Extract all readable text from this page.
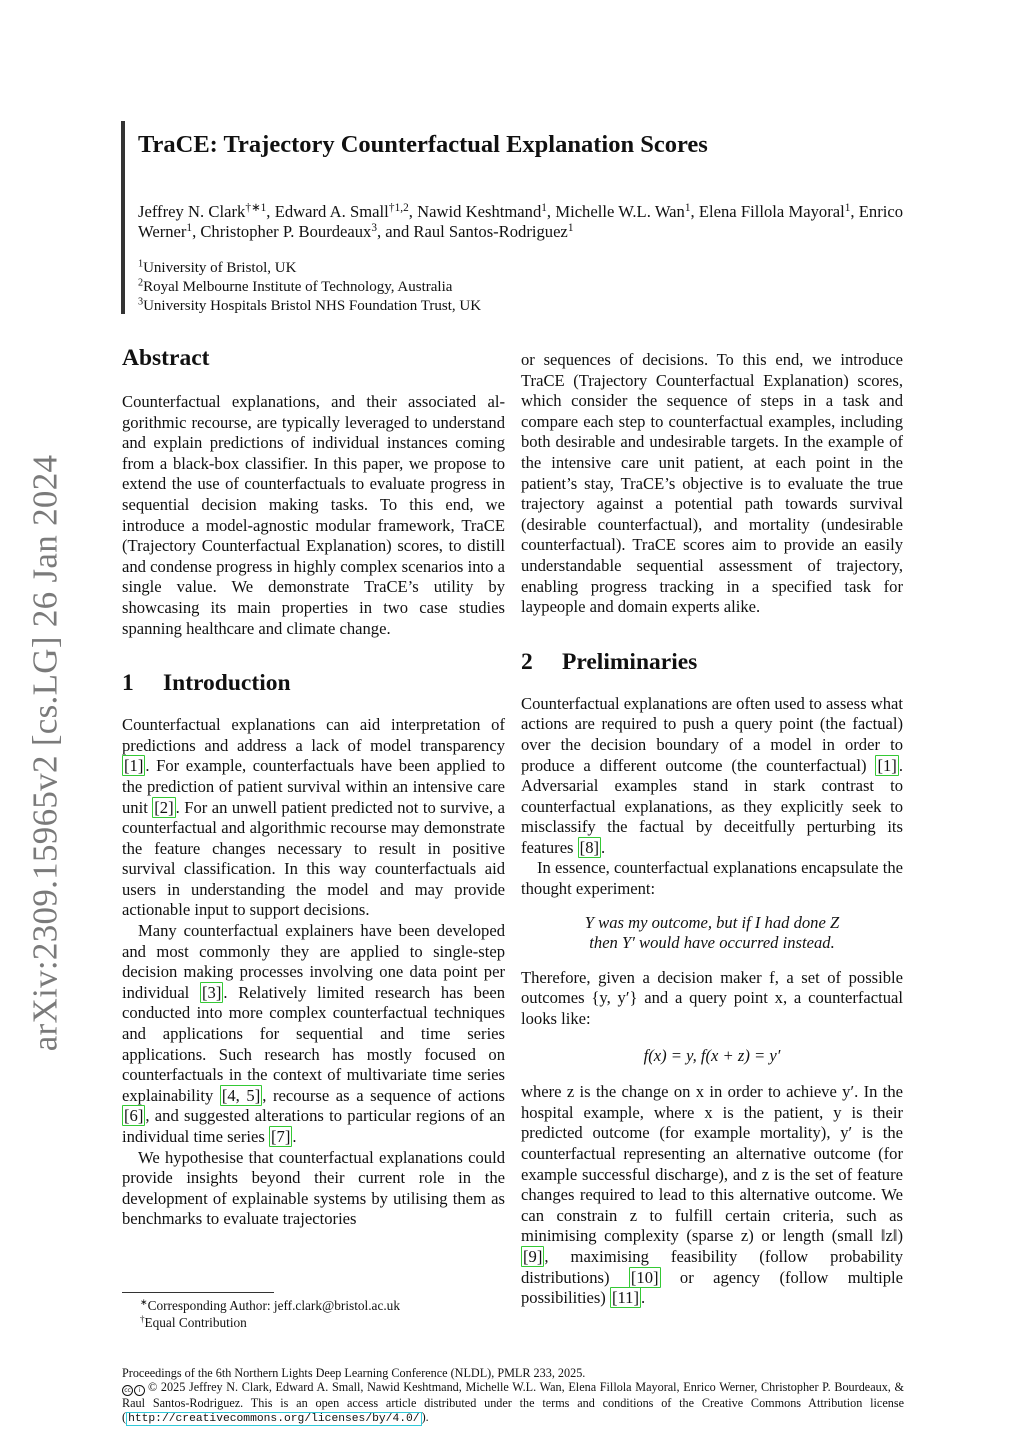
arXiv:2309.15965v2 [cs.LG] 26 Jan 2024
TraCE: Trajectory Counterfactual Explanation Scores

Jeffrey N. Clark$^{\dagger∗1}$, Edward A. Small$^{\dagger 1,2}$, Nawid Keshtmand$^1$, Michelle W.L. Wan$^1$, Elena Fillola Mayoral$^1$, Enrico Werner$^1$, Christopher P. Bourdeaux$^3$, and Raul Santos-Rodriguez$^1$

$^1$University of Bristol, UK
$^2$Royal Melbourne Institute of Technology, Australia
$^3$University Hospitals Bristol NHS Foundation Trust, UK
Abstract

Counterfactual explanations, and their associated algorithmic recourse, are typically leveraged to understand and explain predictions of individual instances coming from a black-box classifier. In this paper, we propose to extend the use of counterfactuals to evaluate progress in sequential decision making tasks. To this end, we introduce a model-agnostic modular framework, TraCE (Trajectory Counterfactual Explanation) scores, to distill and condense progress in highly complex scenarios into a single value. We demonstrate TraCE’s utility by showcasing its main properties in two case studies spanning healthcare and climate change.

1 Introduction

Counterfactual explanations can aid interpretation of predictions and address a lack of model transparency [1] . For example, counterfactuals have been applied to the prediction of patient survival within an intensive care unit [2] . For an unwell patient predicted not to survive, a counterfactual and algorithmic recourse may demonstrate the feature changes necessary to result in positive survival classification. In this way counterfactuals aid users in understanding the model and may provide actionable input to support decisions.

Many counterfactual explainers have been developed and most commonly they are applied to single-step decision making processes involving one data point per individual [3] . Relatively limited research has been conducted into more complex counterfactual techniques and applications for sequential and time series applications. Such research has mostly focused on counterfactuals in the context of multivariate time series explainability [4, 5] , recourse as a sequence of actions [6] , and suggested alterations to particular regions of an individual time series [7] .

We hypothesise that counterfactual explanations could provide insights beyond their current role in the development of explainable systems by utilising them as benchmarks to evaluate trajectories

or sequences of decisions. To this end, we introduce TraCE (Trajectory Counterfactual Explanation) scores, which consider the sequence of steps in a task and compare each step to counterfactual examples, including both desirable and undesirable targets. In the example of the intensive care unit patient, at each point in the patient’s stay, TraCE’s objective is to evaluate the true trajectory against a potential path towards survival (desirable counterfactual), and mortality (undesirable counterfactual). TraCE scores aim to provide an easily understandable sequential assessment of trajectory, enabling progress tracking in a specified task for laypeople and domain experts alike.

2 Preliminaries

Counterfactual explanations are often used to assess what actions are required to push a query point (the factual) over the decision boundary of a model in order to produce a different outcome (the counterfactual) [1] . Adversarial examples stand in stark contrast to counterfactual explanations, as they explicitly seek to misclassify the factual by deceitfully perturbing its features [8] .

In essence, counterfactual explanations encapsulate the thought experiment:

Y was my outcome, but if I had done Z

then Y′ would have occurred instead.

Therefore, given a decision maker f, a set of possible outcomes {y, y′} and a query point x, a counterfactual looks like:

f(x) = y, f(x + z) = y′

where z is the change on x in order to achieve y′. In the hospital example, where x is the patient, y is their predicted outcome (for example mortality), y′ is the counterfactual representing an alternative outcome (for example successful discharge), and z is the set of feature changes required to lead to this alternative outcome. We can constrain z to fulfill certain criteria, such as minimising complexity (sparse z) or length (small ‖z‖) [9] , maximising feasibility (follow probability distributions) [10] or agency (follow multiple possibilities) [11] .

∗Corresponding Author: jeff.clark@bristol.ac.uk
†Equal Contribution

Proceedings of the 6th Northern Lights Deep Learning Conference (NLDL), PMLR 233, 2025.

cc i © 2025 Jeffrey N. Clark, Edward A. Small, Nawid Keshtmand, Michelle W.L. Wan, Elena Fillola Mayoral, Enrico Werner, Christopher P. Bourdeaux, & Raul Santos-Rodriguez. This is an open access article distributed under the terms and conditions of the Creative Commons Attribution license ( http://creativecommons.org/licenses/by/4.0/ ).
